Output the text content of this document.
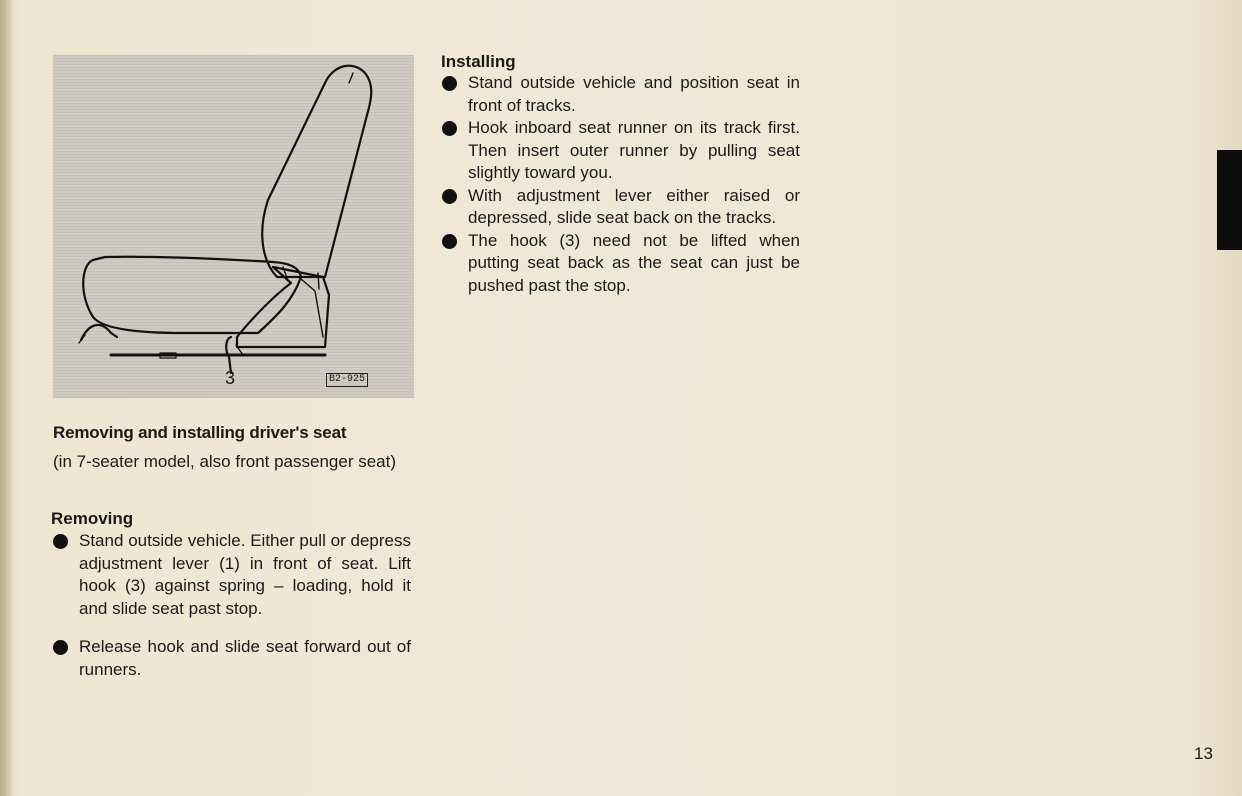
3	B2-925
Removing and installing driver's seat
(in 7-seater model, also front passenger seat)
Removing
Stand outside vehicle. Either pull or depress adjustment lever (1) in front of seat. Lift hook (3) against spring – loading, hold it and slide seat past stop.
Release hook and slide seat forward out of runners.
Installing
Stand outside vehicle and position seat in front of tracks.
Hook inboard seat runner on its track first. Then insert outer runner by pulling seat slightly toward you.
With adjustment lever either raised or depressed, slide seat back on the tracks.
The hook (3) need not be lifted when putting seat back as the seat can just be pushed past the stop.
13
